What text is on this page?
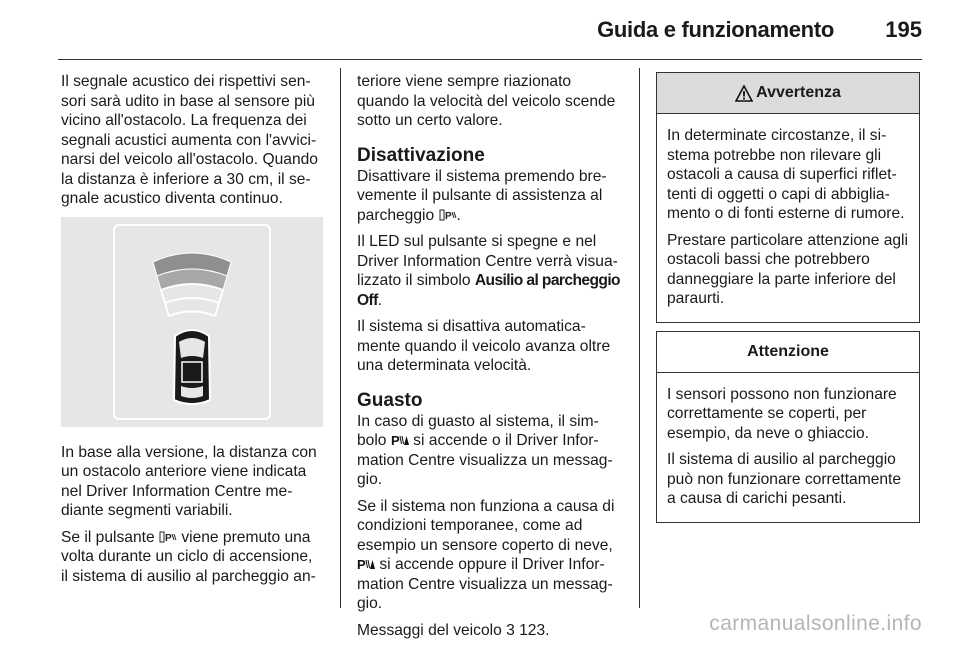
Guida e funzionamento 195

Il segnale acustico dei rispettivi sen-sori sarà udito in base al sensore più vicino all'ostacolo. La frequenza dei segnali acustici aumenta con l'avvici-narsi del veicolo all'ostacolo. Quando la distanza è inferiore a 30 cm, il se-gnale acustico diventa continuo.

In base alla versione, la distanza con un ostacolo anteriore viene indicata nel Driver Information Centre me-diante segmenti variabili.

Se il pulsante P viene premuto una volta durante un ciclo di accensione, il sistema di ausilio al parcheggio an-

teriore viene sempre riazionato quando la velocità del veicolo scende sotto un certo valore.

Disattivazione

Disattivare il sistema premendo bre-vemente il pulsante di assistenza al parcheggio P .

Il LED sul pulsante si spegne e nel Driver Information Centre verrà visua-lizzato il simbolo Ausilio al parcheggio Off.

Il sistema si disattiva automatica-mente quando il veicolo avanza oltre una determinata velocità.

Guasto

In caso di guasto al sistema, il sim-bolo P si accende o il Driver Infor-mation Centre visualizza un messag-gio.

Se il sistema non funziona a causa di condizioni temporanee, come ad esempio un sensore coperto di neve,
P si accende oppure il Driver Infor-mation Centre visualizza un messag-gio.

Messaggi del veicolo 3 123.

Avvertenza

In determinate circostanze, il si-stema potrebbe non rilevare gli ostacoli a causa di superfici riflet-tenti di oggetti o capi di abbiglia-mento o di fonti esterne di rumore.

Prestare particolare attenzione agli ostacoli bassi che potrebbero danneggiare la parte inferiore del paraurti.

Attenzione

I sensori possono non funzionare correttamente se coperti, per esempio, da neve o ghiaccio.

Il sistema di ausilio al parcheggio può non funzionare correttamente a causa di carichi pesanti.

carmanualsonline.info
